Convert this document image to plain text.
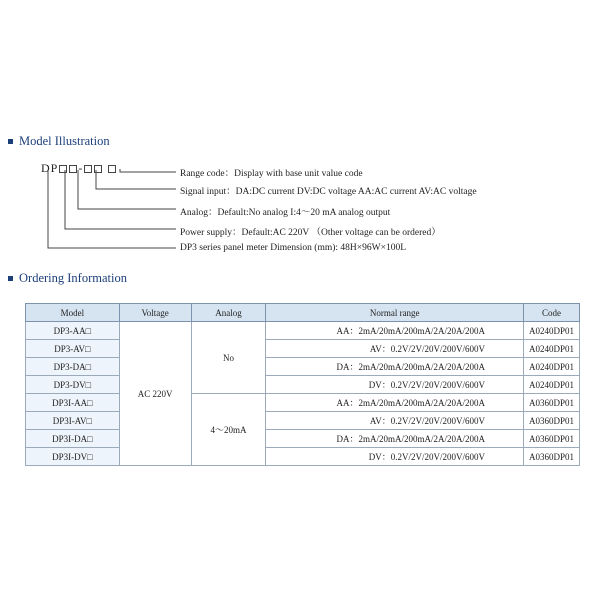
Model Illustration
DP -	Range code：Display with base unit value code
Signal input：DA:DC current DV:DC voltage AA:AC current AV:AC voltage
Analog：Default:No analog I:4～20 mA analog output
Power supply：Default:AC 220V （Other voltage can be ordered）
DP3 series panel meter Dimension (mm): 48H×96W×100L
Ordering Information
Model	Voltage	Analog	Normal range	Code
DP3-AA□	AC 220V	No	AA：2mA/20mA/200mA/2A/20A/200A	A0240DP01
DP3-AV□			AV：0.2V/2V/20V/200V/600V	A0240DP01
DP3-DA□			DA：2mA/20mA/200mA/2A/20A/200A	A0240DP01
DP3-DV□			DV：0.2V/2V/20V/200V/600V	A0240DP01
DP3I-AA□		4～20mA	AA：2mA/20mA/200mA/2A/20A/200A	A0360DP01
DP3I-AV□			AV：0.2V/2V/20V/200V/600V	A0360DP01
DP3I-DA□			DA：2mA/20mA/200mA/2A/20A/200A	A0360DP01
DP3I-DV□			DV：0.2V/2V/20V/200V/600V	A0360DP01
